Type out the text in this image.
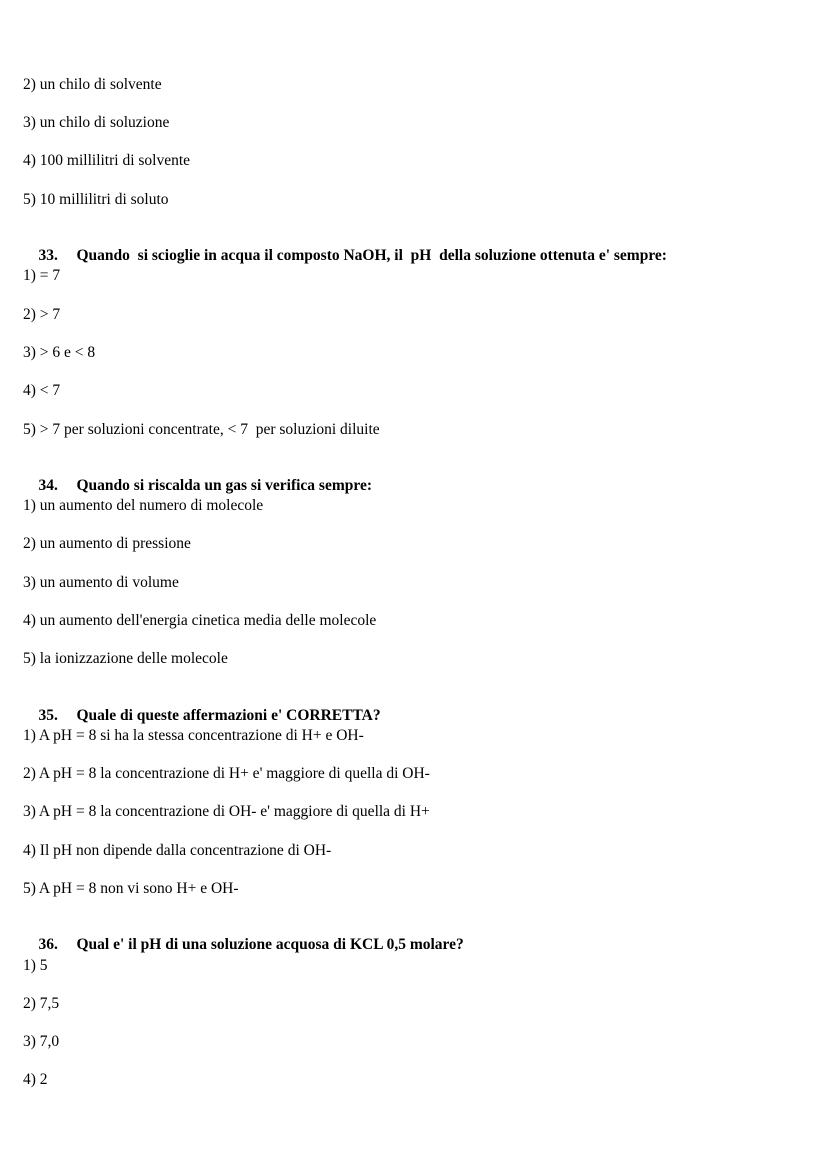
2) un chilo di solvente
3) un chilo di soluzione
4) 100 millilitri di solvente
5) 10 millilitri di soluto

33. Quando  si scioglie in acqua il composto NaOH, il  pH  della soluzione ottenuta e' sempre:

1) = 7
2) > 7
3) > 6 e < 8
4) < 7
5) > 7 per soluzioni concentrate, < 7  per soluzioni diluite

34. Quando si riscalda un gas si verifica sempre:

1) un aumento del numero di molecole
2) un aumento di pressione
3) un aumento di volume
4) un aumento dell'energia cinetica media delle molecole
5) la ionizzazione delle molecole

35. Quale di queste affermazioni e' CORRETTA?

1) A pH = 8 si ha la stessa concentrazione di H+ e OH-
2) A pH = 8 la concentrazione di H+ e' maggiore di quella di OH-
3) A pH = 8 la concentrazione di OH- e' maggiore di quella di H+
4) Il pH non dipende dalla concentrazione di OH-
5) A pH = 8 non vi sono H+ e OH-

36. Qual e' il pH di una soluzione acquosa di KCL 0,5 molare?

1) 5
2) 7,5
3) 7,0
4) 2
